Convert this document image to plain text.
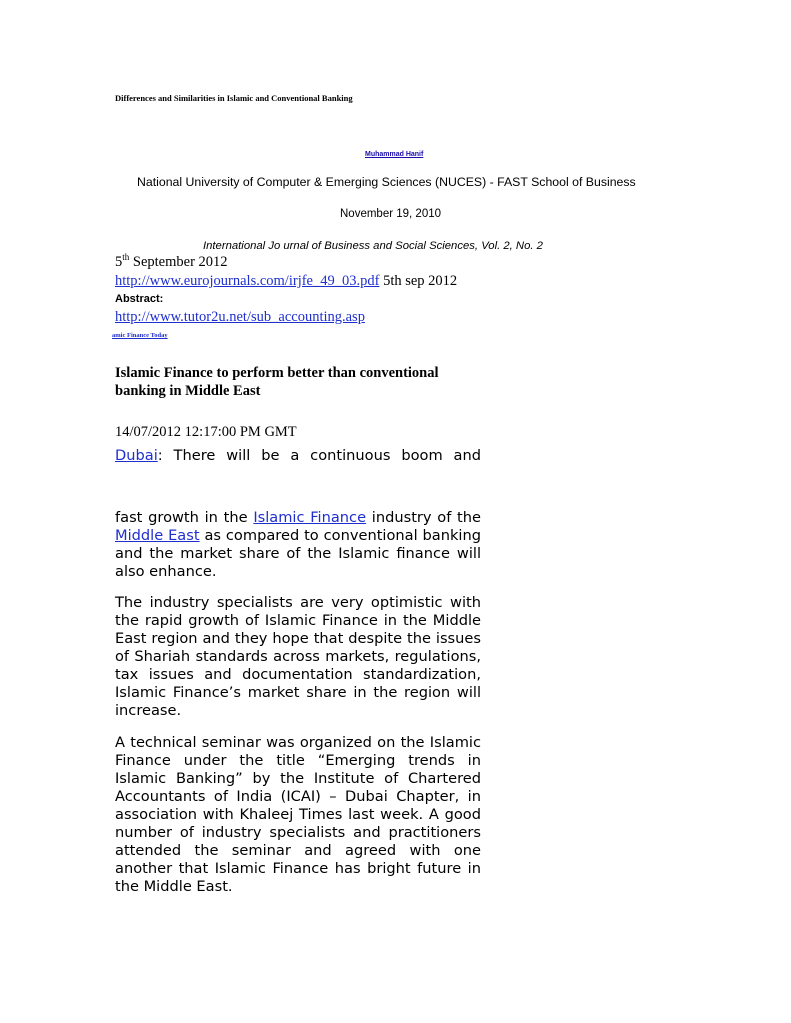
Differences and Similarities in Islamic and Conventional Banking
Muhammad Hanif
National University of Computer & Emerging Sciences (NUCES) - FAST School of Business
November 19, 2010
International Jo urnal of Business and Social Sciences, Vol. 2, No. 2
5th September 2012
http://www.eurojournals.com/irjfe_49_03.pdf 5th sep 2012
Abstract:
http://www.tutor2u.net/sub_accounting.asp
amic Finance Today
Islamic Finance to perform better than conventional
banking in Middle East
14/07/2012 12:17:00 PM GMT

Dubai: There will be a continuous boom and

fast growth in the Islamic Finance industry of the Middle East as compared to conventional banking and the market share of the Islamic finance will also enhance.

The industry specialists are very optimistic with the rapid growth of Islamic Finance in the Middle East region and they hope that despite the issues of Shariah standards across markets, regulations, tax issues and documentation standardization, Islamic Finance’s market share in the region will increase.

A technical seminar was organized on the Islamic Finance under the title “Emerging trends in Islamic Banking” by the Institute of Chartered Accountants of India (ICAI) – Dubai Chapter, in association with Khaleej Times last week. A good number of industry specialists and practitioners attended the seminar and agreed with one another that Islamic Finance has bright future in the Middle East.
